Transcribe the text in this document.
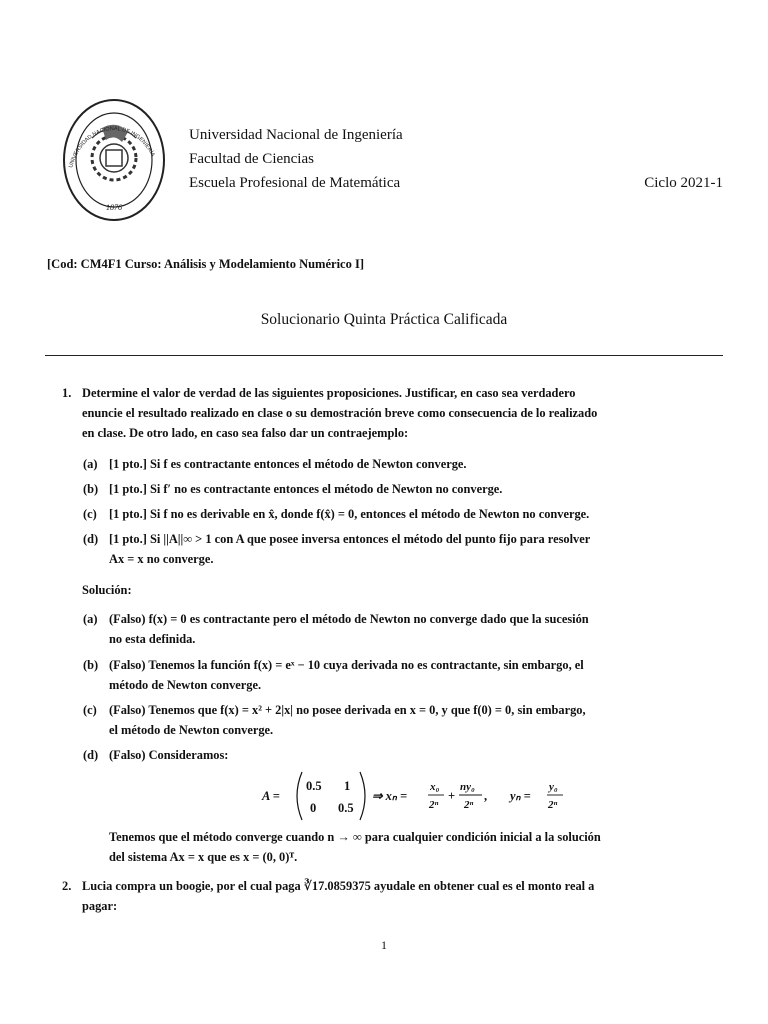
1876
UNIVERSIDAD NACIONAL DE INGENIERÍA
Universidad Nacional de Ingeniería
Facultad de Ciencias
Escuela Profesional de Matemática	Ciclo 2021-1
[Cod: CM4F1 Curso: Análisis y Modelamiento Numérico I]
Solucionario Quinta Práctica Calificada
1. Determine el valor de verdad de las siguientes proposiciones. Justificar, en caso sea verdadero
enuncie el resultado realizado en clase o su demostración breve como consecuencia de lo realizado
en clase. De otro lado, en caso sea falso dar un contraejemplo:
(a) [1 pto.] Si f es contractante entonces el método de Newton converge.
(b) [1 pto.] Si f′ no es contractante entonces el método de Newton no converge.
(c) [1 pto.] Si f no es derivable en x̂, donde f(x̂) = 0, entonces el método de Newton no converge.
(d) [1 pto.] Si ||A||∞ > 1 con A que posee inversa entonces el método del punto fijo para resolver
Ax = x no converge.
Solución:
(a) (Falso) f(x) = 0 es contractante pero el método de Newton no converge dado que la sucesión
no esta definida.
(b) (Falso) Tenemos la función f(x) = eˣ − 10 cuya derivada no es contractante, sin embargo, el
método de Newton converge.
(c) (Falso) Tenemos que f(x) = x² + 2|x| no posee derivada en x = 0, y que f(0) = 0, sin embargo,
el método de Newton converge.
(d) (Falso) Consideramos:
A =
0.5 1
0 0.5
⇒ xₙ =
x₀
2ⁿ
+
ny₀
2ⁿ
, yₙ =
y₀
2ⁿ
Tenemos que el método converge cuando n → ∞ para cualquier condición inicial a la solución
del sistema Ax = x que es x = (0, 0)ᵀ.
2. Lucia compra un boogie, por el cual paga ∛17.0859375 ayudale en obtener cual es el monto real a
pagar:
1
